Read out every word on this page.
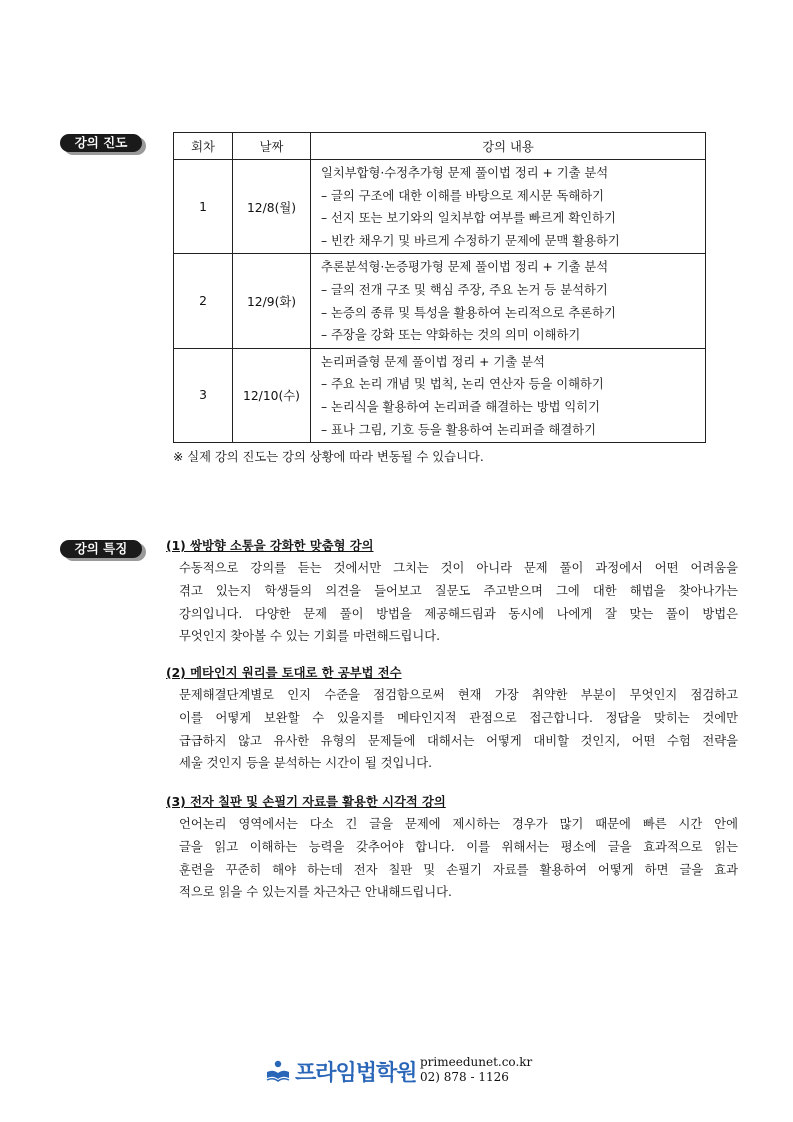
강의 진도	회차	날짜	강의 내용
1	12/8(월)	일치부합형·수정추가형 문제 풀이법 정리 + 기출 분석
– 글의 구조에 대한 이해를 바탕으로 제시문 독해하기
– 선지 또는 보기와의 일치부합 여부를 빠르게 확인하기
– 빈칸 채우기 및 바르게 수정하기 문제에 문맥 활용하기

2	12/9(화)	추론분석형·논증평가형 문제 풀이법 정리 + 기출 분석
– 글의 전개 구조 및 핵심 주장, 주요 논거 등 분석하기
– 논증의 종류 및 특성을 활용하여 논리적으로 추론하기
– 주장을 강화 또는 약화하는 것의 의미 이해하기

3	12/10(수)	논리퍼즐형 문제 풀이법 정리 + 기출 분석
– 주요 논리 개념 및 법칙, 논리 연산자 등을 이해하기
– 논리식을 활용하여 논리퍼즐 해결하는 방법 익히기
– 표나 그림, 기호 등을 활용하여 논리퍼즐 해결하기
※ 실제 강의 진도는 강의 상황에 따라 변동될 수 있습니다.
강의 특징	(1) 쌍방향 소통을 강화한 맞춤형 강의
수동적으로 강의를 듣는 것에서만 그치는 것이 아니라 문제 풀이 과정에서 어떤 어려움을
겪고 있는지 학생들의 의견을 들어보고 질문도 주고받으며 그에 대한 해법을 찾아나가는
강의입니다. 다양한 문제 풀이 방법을 제공해드림과 동시에 나에게 잘 맞는 풀이 방법은
무엇인지 찾아볼 수 있는 기회를 마련해드립니다.
(2) 메타인지 원리를 토대로 한 공부법 전수
문제해결단계별로 인지 수준을 점검함으로써 현재 가장 취약한 부분이 무엇인지 점검하고
이를 어떻게 보완할 수 있을지를 메타인지적 관점으로 접근합니다. 정답을 맞히는 것에만
급급하지 않고 유사한 유형의 문제들에 대해서는 어떻게 대비할 것인지, 어떤 수험 전략을
세울 것인지 등을 분석하는 시간이 될 것입니다.
(3) 전자 칠판 및 손필기 자료를 활용한 시각적 강의
언어논리 영역에서는 다소 긴 글을 문제에 제시하는 경우가 많기 때문에 빠른 시간 안에
글을 읽고 이해하는 능력을 갖추어야 합니다. 이를 위해서는 평소에 글을 효과적으로 읽는
훈련을 꾸준히 해야 하는데 전자 칠판 및 손필기 자료를 활용하여 어떻게 하면 글을 효과
적으로 읽을 수 있는지를 차근차근 안내해드립니다.
프라임법학원 primeedunet.co.kr
02) 878 - 1126
